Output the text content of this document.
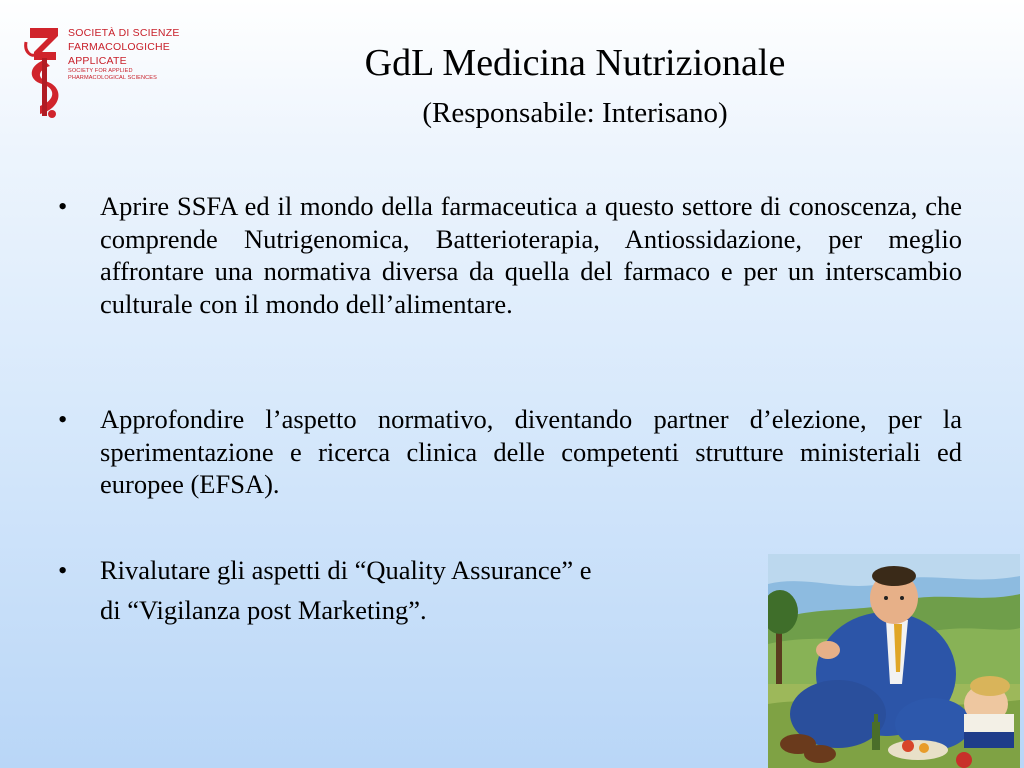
SOCIETÀ DI SCIENZE
FARMACOLOGICHE
APPLICATE
SOCIETY FOR APPLIED
PHARMACOLOGICAL SCIENCES	GdL Medicina Nutrizionale
(Responsabile: Interisano)
• Aprire SSFA ed il mondo della farmaceutica a questo settore di conoscenza, che comprende Nutrigenomica, Batterioterapia, Antiossidazione, per meglio affrontare una normativa diversa da quella del farmaco e per un interscambio culturale con il mondo dell’alimentare.
• Approfondire l’aspetto normativo, diventando partner d’elezione, per la sperimentazione e ricerca clinica delle competenti strutture ministeriali ed europee (EFSA).
• Rivalutare gli aspetti di “Quality Assurance” e
di “Vigilanza post Marketing”.
